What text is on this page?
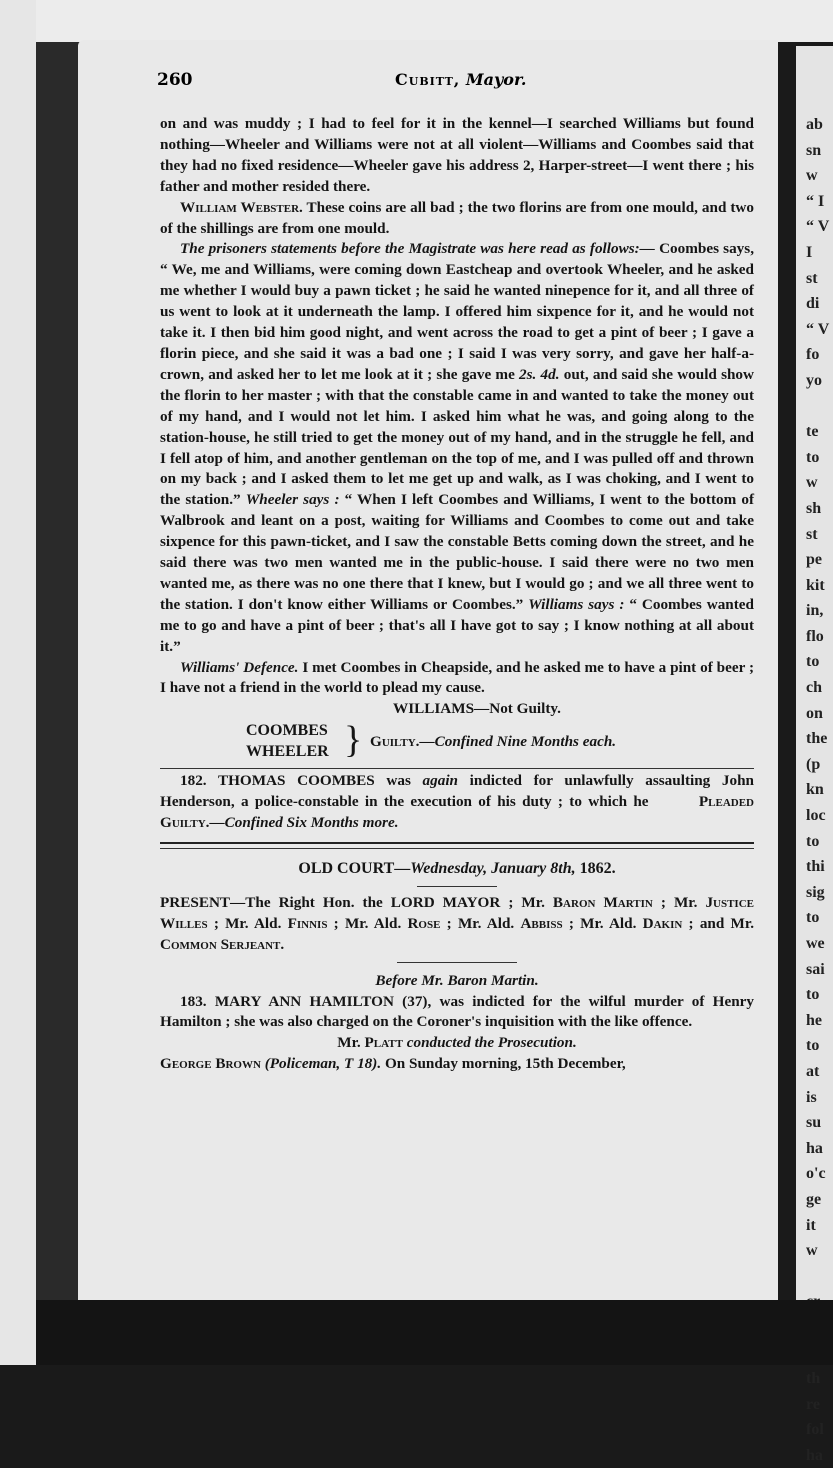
ab
sn
w
“ I
“ V
I
st
di
“ V
fo
yo

te
to
w
sh
st
pe
kit
in,
flo
to
ch
on
the
(p
kn
loc
to
thi
sig
to
we
sai
to
he
to
at
is
su
ha
o'c
ge
it
w

th
re
fol
ha
260	Cubitt, Mayor.

on and was muddy ; I had to feel for it in the kennel—I searched Williams but found nothing—Wheeler and Williams were not at all violent—Williams and Coombes said that they had no fixed residence—Wheeler gave his address 2, Harper-street—I went there ; his father and mother resided there.

William Webster. These coins are all bad ; the two florins are from one mould, and two of the shillings are from one mould.

The prisoners statements before the Magistrate was here read as follows:— Coombes says, “ We, me and Williams, were coming down Eastcheap and overtook Wheeler, and he asked me whether I would buy a pawn ticket ; he said he wanted ninepence for it, and all three of us went to look at it underneath the lamp. I offered him sixpence for it, and he would not take it. I then bid him good night, and went across the road to get a pint of beer ; I gave a florin piece, and she said it was a bad one ; I said I was very sorry, and gave her half-a-crown, and asked her to let me look at it ; she gave me 2s. 4d. out, and said she would show the florin to her master ; with that the constable came in and wanted to take the money out of my hand, and I would not let him. I asked him what he was, and going along to the station-house, he still tried to get the money out of my hand, and in the struggle he fell, and I fell atop of him, and another gentleman on the top of me, and I was pulled off and thrown on my back ; and I asked them to let me get up and walk, as I was choking, and I went to the station.” Wheeler says : “ When I left Coombes and Williams, I went to the bottom of Walbrook and leant on a post, waiting for Williams and Coombes to come out and take sixpence for this pawn-ticket, and I saw the constable Betts coming down the street, and he said there was two men wanted me in the public-house. I said there were no two men wanted me, as there was no one there that I knew, but I would go ; and we all three went to the station. I don't know either Williams or Coombes.” Williams says : “ Coombes wanted me to go and have a pint of beer ; that's all I have got to say ; I know nothing at all about it.”

Williams' Defence. I met Coombes in Cheapside, and he asked me to have a pint of beer ; I have not a friend in the world to plead my cause.

WILLIAMS—Not Guilty.

COOMBES
WHEELER } Guilty.—Confined Nine Months each.

182. THOMAS COOMBES was again indicted for unlawfully assaulting John Henderson, a police-constable in the execution of his duty ; to which he	Pleaded Guilty.—Confined Six Months more.

OLD COURT—Wednesday, January 8th, 1862.

PRESENT—The Right Hon. the LORD MAYOR ; Mr. Baron Martin ; Mr. Justice Willes ; Mr. Ald. Finnis ; Mr. Ald. Rose ; Mr. Ald. Abbiss ; Mr. Ald. Dakin ; and Mr. Common Serjeant.

Before Mr. Baron Martin.

183. MARY ANN HAMILTON (37), was indicted for the wilful murder of Henry Hamilton ; she was also charged on the Coroner's inquisition with the like offence.

Mr. Platt conducted the Prosecution.

George Brown (Policeman, T 18). On Sunday morning, 15th December,
